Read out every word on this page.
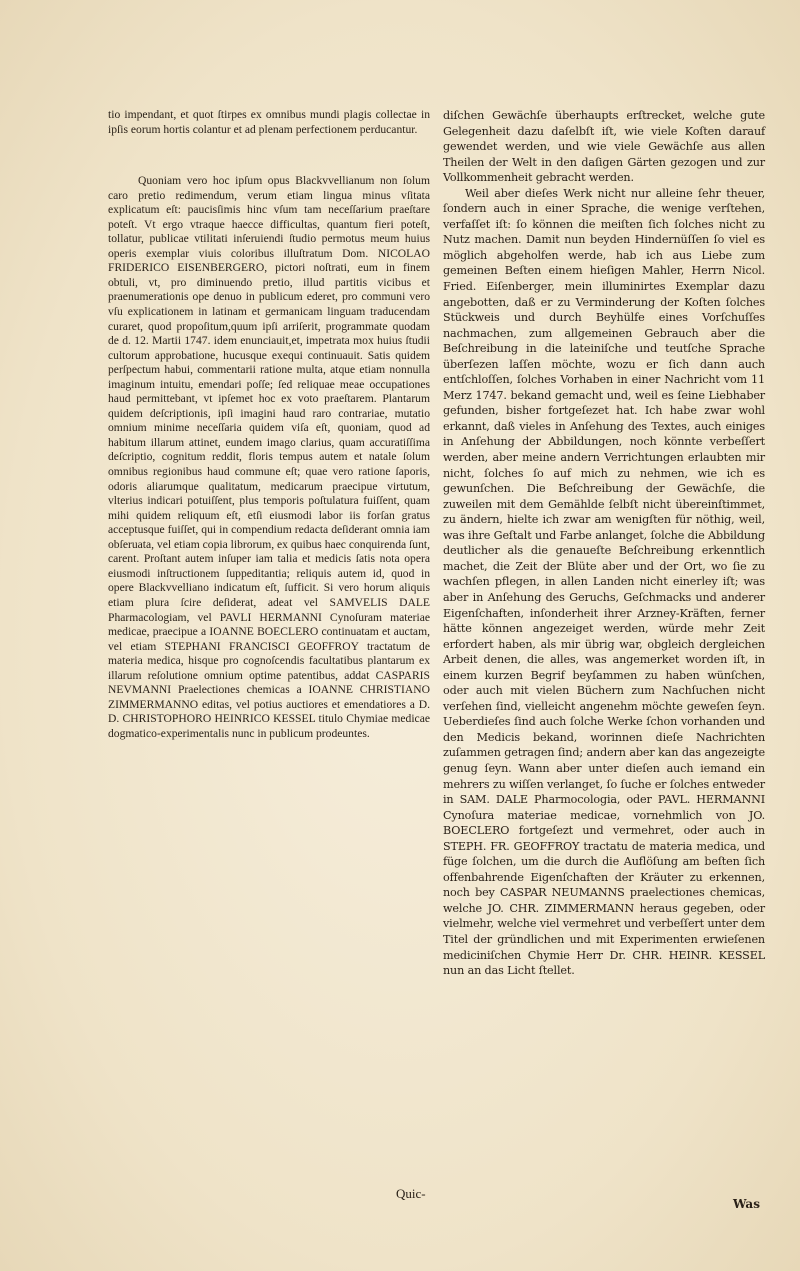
tio impendant, et quot ſtirpes ex omnibus mundi plagis collectae in ipſis eorum hortis colantur et ad plenam perfectionem perducantur.

Quoniam vero hoc ipſum opus Blackvvellianum non ſolum caro pretio redimendum, verum etiam lingua minus vſitata explicatum eſt: paucisſimis hinc vſum tam neceſſarium praeſtare poteſt. Vt ergo vtraque haecce difficultas, quantum fieri poteſt, tollatur, publicae vtilitati inſeruiendi ſtudio permotus meum huius operis exemplar viuis coloribus illuſtratum Dom. NICOLAO FRIDERICO EISENBERGERO, pictori noſtrati, eum in finem obtuli, vt, pro diminuendo pretio, illud partitis vicibus et praenumerationis ope denuo in publicum ederet, pro communi vero vſu explicationem in latinam et germanicam linguam traducendam curaret, quod propoſitum,quum ipſi arriſerit, programmate quodam de d. 12. Martii 1747. idem enunciauit,et, impetrata mox huius ſtudii cultorum approbatione, hucusque exequi continuauit. Satis quidem perſpectum habui, commentarii ratione multa, atque etiam nonnulla imaginum intuitu, emendari poſſe; ſed reliquae meae occupationes haud permittebant, vt ipſemet hoc ex voto praeſtarem. Plantarum quidem deſcriptionis, ipſi imagini haud raro contrariae, mutatio omnium minime neceſſaria quidem viſa eſt, quoniam, quod ad habitum illarum attinet, eundem imago clarius, quam accuratiſſima deſcriptio, cognitum reddit, floris tempus autem et natale ſolum omnibus regionibus haud commune eſt; quae vero ratione ſaporis, odoris aliarumque qualitatum, medicarum praecipue virtutum, vlterius indicari potuiſſent, plus temporis poſtulatura fuiſſent, quam mihi quidem reliquum eſt, etſi eiusmodi labor iis forſan gratus acceptusque fuiſſet, qui in compendium redacta deſiderant omnia iam obſeruata, vel etiam copia librorum, ex quibus haec conquirenda ſunt, carent. Proſtant autem inſuper iam talia et medicis ſatis nota opera eiusmodi inſtructionem ſuppeditantia; reliquis autem id, quod in opere Blackvvelliano indicatum eſt, ſufficit. Si vero horum aliquis etiam plura ſcire deſiderat, adeat vel SAMVELIS DALE Pharmacologiam, vel PAVLI HERMANNI Cynoſuram materiae medicae, praecipue a IOANNE BOECLERO continuatam et auctam, vel etiam STEPHANI FRANCISCI GEOFFROY tractatum de materia medica, hisque pro cognoſcendis facultatibus plantarum ex illarum reſolutione omnium optime patentibus, addat CASPARIS NEVMANNI Praelectiones chemicas a IOANNE CHRISTIANO ZIMMERMANNO editas, vel potius auctiores et emendatiores a D. D. CHRISTOPHORO HEINRICO KESSEL titulo Chymiae medicae dogmatico-experimentalis nunc in publicum prodeuntes.

Quic-

diſchen Gewächſe überhaupts erſtrecket, welche gute Gelegenheit dazu daſelbſt iſt, wie viele Koſten darauf gewendet werden, und wie viele Gewächſe aus allen Theilen der Welt in den daſigen Gärten gezogen und zur Vollkommenheit gebracht werden.

Weil aber dieſes Werk nicht nur alleine ſehr theuer, ſondern auch in einer Sprache, die wenige verſtehen, verfaſſet iſt: ſo können die meiſten ſich ſolches nicht zu Nutz machen. Damit nun beyden Hindernüſſen ſo viel es möglich abgeholfen werde, hab ich aus Liebe zum gemeinen Beſten einem hieſigen Mahler, Herrn Nicol. Fried. Eiſenberger, mein illuminirtes Exemplar dazu angebotten, daß er zu Verminderung der Koſten ſolches Stückweis und durch Beyhülfe eines Vorſchuſſes nachmachen, zum allgemeinen Gebrauch aber die Beſchreibung in die lateiniſche und teutſche Sprache überſezen laſſen möchte, wozu er ſich dann auch entſchloſſen, ſolches Vorhaben in einer Nachricht vom 11 Merz 1747. bekand gemacht und, weil es ſeine Liebhaber gefunden, bisher fortgeſezet hat. Ich habe zwar wohl erkannt, daß vieles in Anſehung des Textes, auch einiges in Anſehung der Abbildungen, noch könnte verbeſſert werden, aber meine andern Verrichtungen erlaubten mir nicht, ſolches ſo auf mich zu nehmen, wie ich es gewunſchen. Die Beſchreibung der Gewächſe, die zuweilen mit dem Gemählde ſelbſt nicht übereinſtimmet, zu ändern, hielte ich zwar am wenigſten für nöthig, weil, was ihre Geſtalt und Farbe anlanget, ſolche die Abbildung deutlicher als die genaueſte Beſchreibung erkenntlich machet, die Zeit der Blüte aber und der Ort, wo ſie zu wachſen pflegen, in allen Landen nicht einerley iſt; was aber in Anſehung des Geruchs, Geſchmacks und anderer Eigenſchaften, inſonderheit ihrer Arzney-Kräften, ferner hätte können angezeiget werden, würde mehr Zeit erfordert haben, als mir übrig war, obgleich dergleichen Arbeit denen, die alles, was angemerket worden iſt, in einem kurzen Begrif beyſammen zu haben wünſchen, oder auch mit vielen Büchern zum Nachſuchen nicht verſehen ſind, vielleicht angenehm möchte geweſen ſeyn. Ueberdieſes ſind auch ſolche Werke ſchon vorhanden und den Medicis bekand, worinnen dieſe Nachrichten zuſammen getragen ſind; andern aber kan das angezeigte genug ſeyn. Wann aber unter dieſen auch iemand ein mehrers zu wiſſen verlanget, ſo ſuche er ſolches entweder in SAM. DALE Pharmocologia, oder PAVL. HERMANNI Cynoſura materiae medicae, vornehmlich von JO. BOECLERO fortgeſezt und vermehret, oder auch in STEPH. FR. GEOFFROY tractatu de materia medica, und füge ſolchen, um die durch die Auflöſung am beſten ſich offenbahrende Eigenſchaften der Kräuter zu erkennen, noch bey CASPAR NEUMANNS praelectiones chemicas, welche JO. CHR. ZIMMERMANN heraus gegeben, oder vielmehr, welche viel vermehret und verbeſſert unter dem Titel der gründlichen und mit Experimenten erwieſenen mediciniſchen Chymie Herr Dr. CHR. HEINR. KESSEL nun an das Licht ſtellet.

Was
